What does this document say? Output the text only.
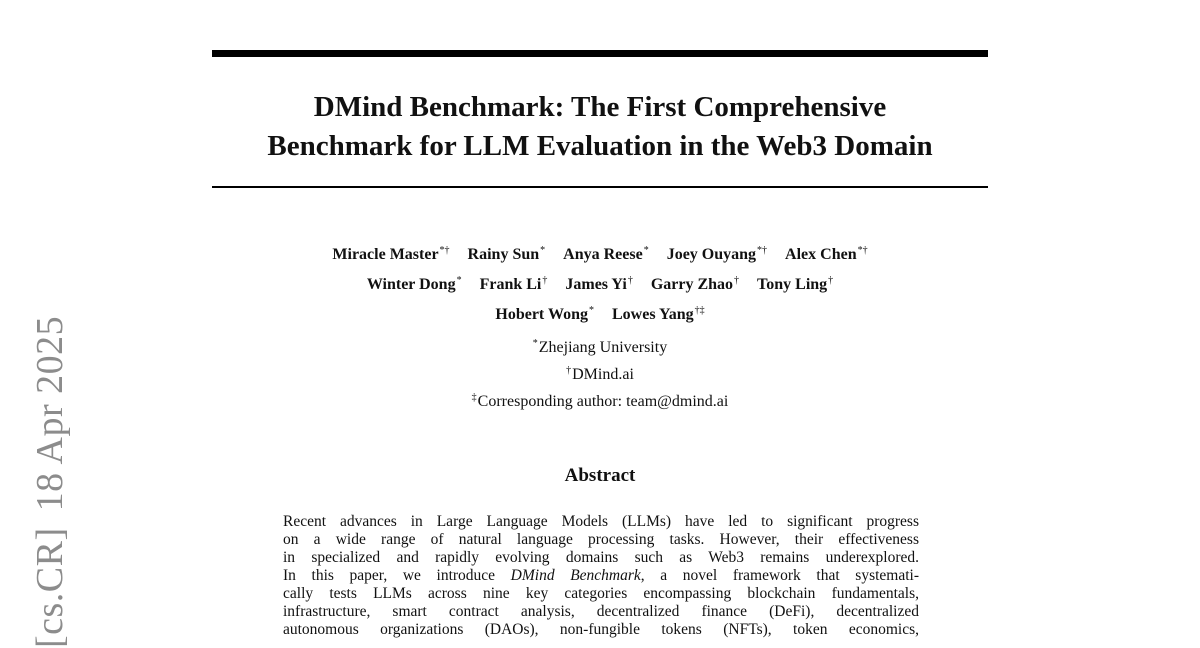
[cs.CR]18 Apr 2025
DMind Benchmark: The First Comprehensive
Benchmark for LLM Evaluation in the Web3 Domain
Miracle Master*† Rainy Sun* Anya Reese* Joey Ouyang*† Alex Chen*†
Winter Dong* Frank Li† James Yi† Garry Zhao† Tony Ling†
Hobert Wong* Lowes Yang†‡
*Zhejiang University
†DMind.ai
‡Corresponding author: team@dmind.ai
Abstract
Recent advances in Large Language Models (LLMs) have led to significant progress
on a wide range of natural language processing tasks. However, their effectiveness
in specialized and rapidly evolving domains such as Web3 remains underexplored.
In this paper, we introduce DMind Benchmark, a novel framework that systemati-
cally tests LLMs across nine key categories encompassing blockchain fundamentals,
infrastructure, smart contract analysis, decentralized finance (DeFi), decentralized
autonomous organizations (DAOs), non-fungible tokens (NFTs), token economics,
